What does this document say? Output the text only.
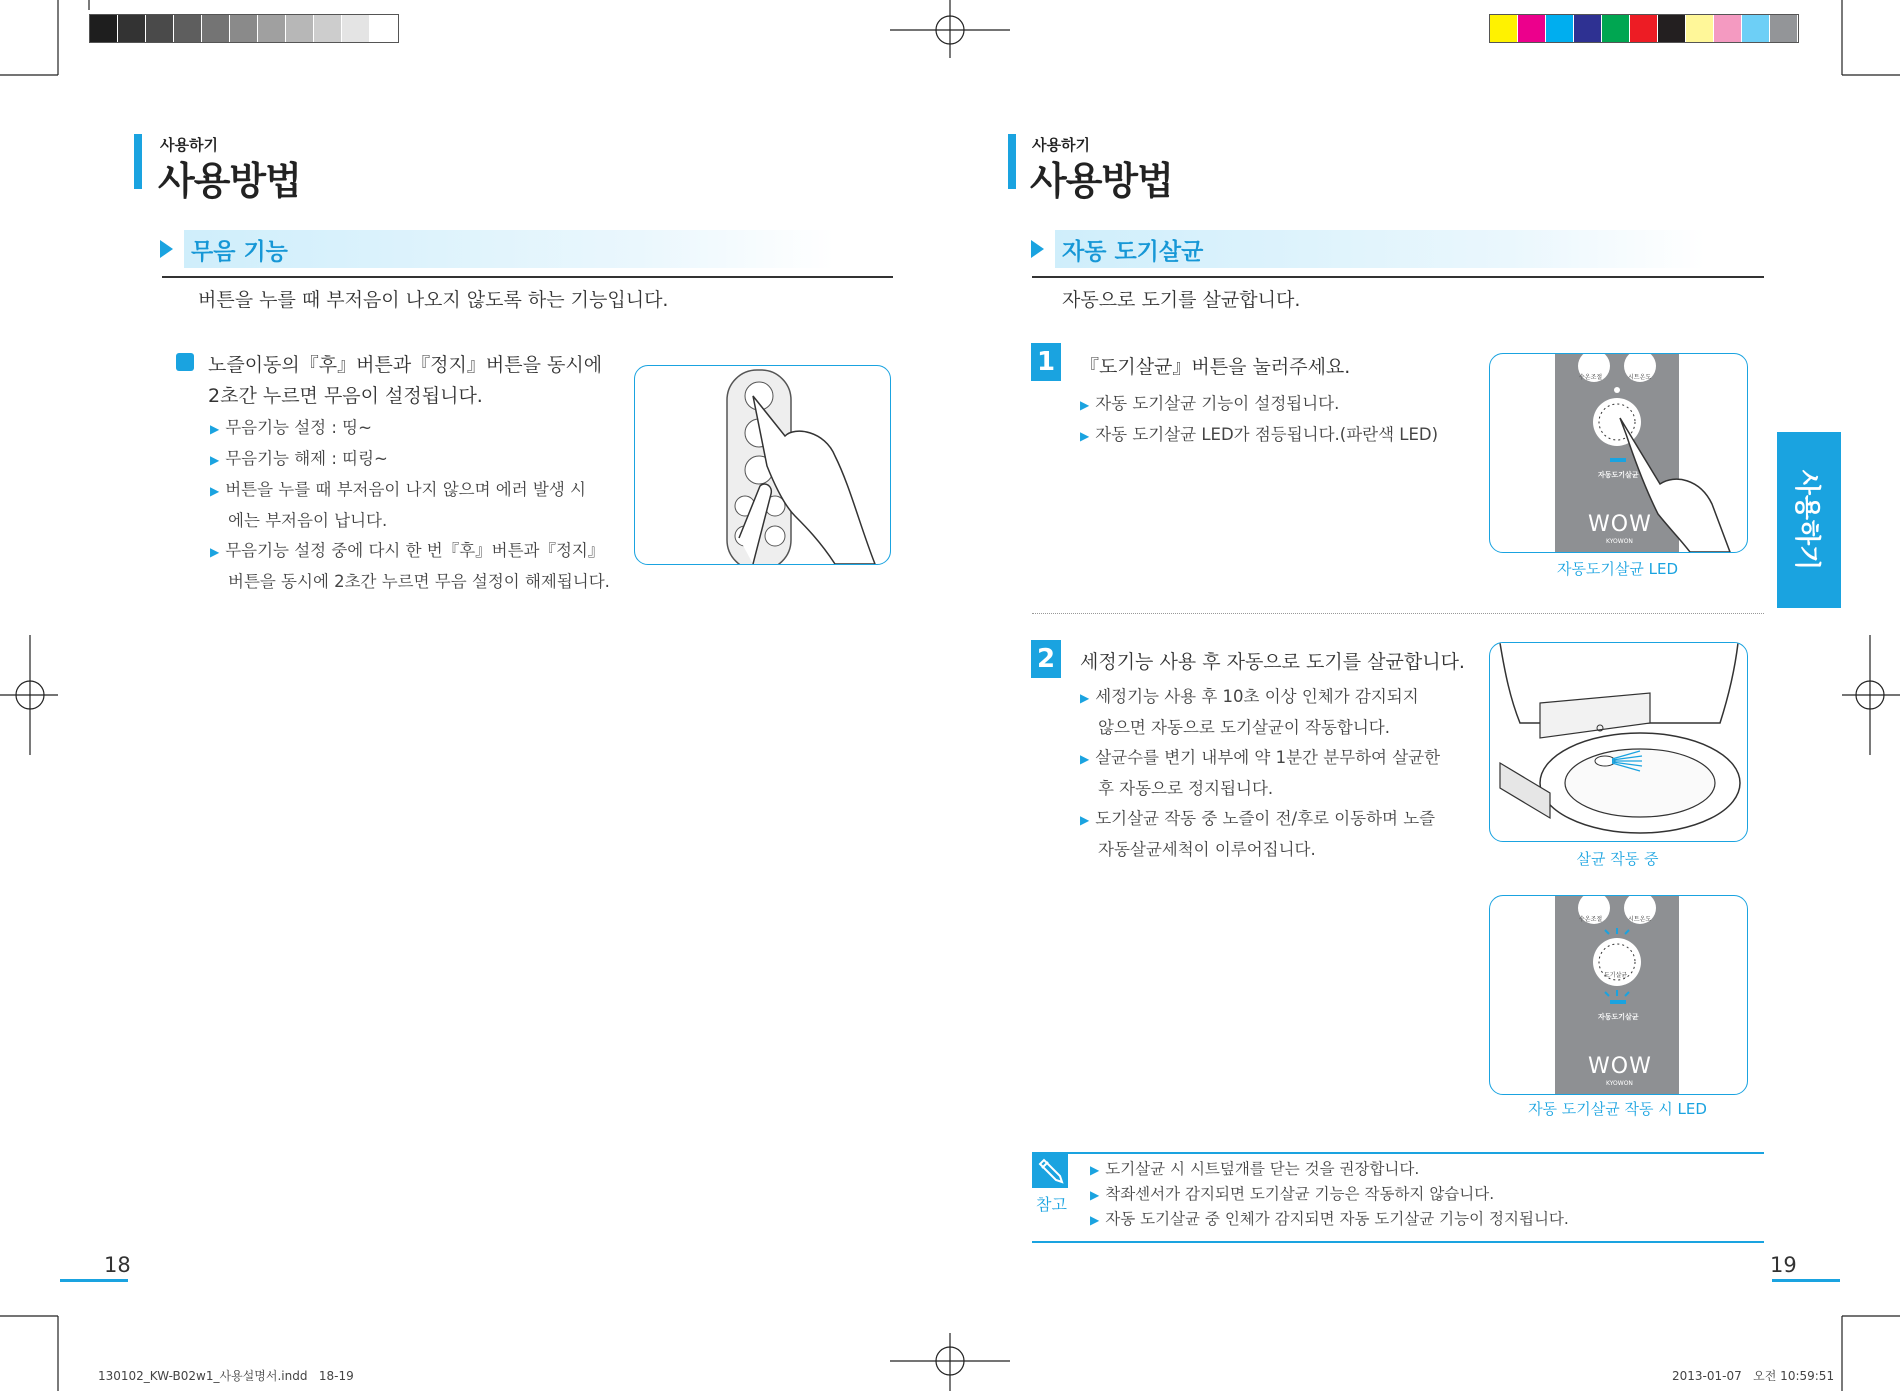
사용하기
사용방법
무음 기능
버튼을 누를 때 부저음이 나오지 않도록 하는 기능입니다.
노즐이동의『후』버튼과『정지』버튼을 동시에
2초간 누르면 무음이 설정됩니다.
▶ 무음기능 설정 : 띵~
▶ 무음기능 해제 : 띠링~
▶ 버튼을 누를 때 부저음이 나지 않으며 에러 발생 시
에는 부저음이 납니다.
▶ 무음기능 설정 중에 다시 한 번『후』버튼과『정지』
버튼을 동시에 2초간 누르면 무음 설정이 해제됩니다.
18
사용하기
사용방법
자동 도기살균
자동으로 도기를 살균합니다.
1	『도기살균』버튼을 눌러주세요.
▶ 자동 도기살균 기능이 설정됩니다.
▶ 자동 도기살균 LED가 점등됩니다.(파란색 LED)
수온조절	시트온도
자동도기살균
WOW
KYOWON
자동도기살균 LED
2	세정기능 사용 후 자동으로 도기를 살균합니다.
▶ 세정기능 사용 후 10초 이상 인체가 감지되지
않으면 자동으로 도기살균이 작동합니다.
▶ 살균수를 변기 내부에 약 1분간 분무하여 살균한
후 자동으로 정지됩니다.
▶ 도기살균 작동 중 노즐이 전/후로 이동하며 노즐
자동살균세척이 이루어집니다.	살균 작동 중
수온조절	시트온도
도기살균
자동도기살균
WOW
KYOWON
자동 도기살균 작동 시 LED
참고
▶ 도기살균 시 시트덮개를 닫는 것을 권장합니다.
▶ 착좌센서가 감지되면 도기살균 기능은 작동하지 않습니다.
▶ 자동 도기살균 중 인체가 감지되면 자동 도기살균 기능이 정지됩니다.
사용하기
19
130102_KW-B02w1_사용설명서.indd   18-19	2013-01-07   오전 10:59:51
